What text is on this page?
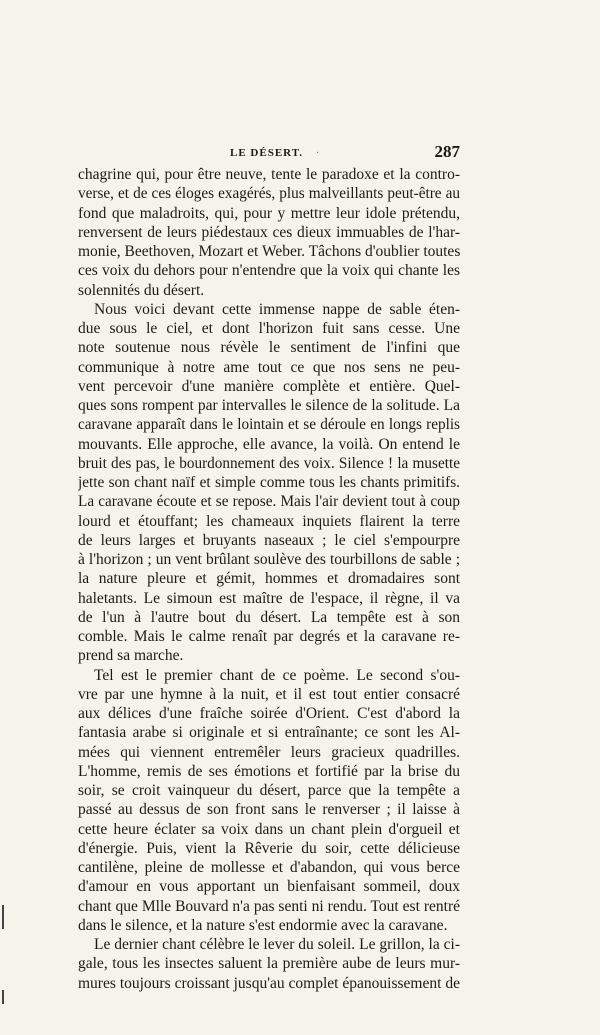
LE DÉSERT. ·	287
chagrine qui, pour être neuve, tente le paradoxe et la contro-
verse, et de ces éloges exagérés, plus malveillants peut-être au
fond que maladroits, qui, pour y mettre leur idole prétendu,
renversent de leurs piédestaux ces dieux immuables de l'har-
monie, Beethoven, Mozart et Weber. Tâchons d'oublier toutes
ces voix du dehors pour n'entendre que la voix qui chante les
solennités du désert.
Nous voici devant cette immense nappe de sable éten-
due sous le ciel, et dont l'horizon fuit sans cesse. Une
note soutenue nous révèle le sentiment de l'infini que
communique à notre ame tout ce que nos sens ne peu-
vent percevoir d'une manière complète et entière. Quel-
ques sons rompent par intervalles le silence de la solitude. La
caravane apparaît dans le lointain et se déroule en longs replis
mouvants. Elle approche, elle avance, la voilà. On entend le
bruit des pas, le bourdonnement des voix. Silence ! la musette
jette son chant naïf et simple comme tous les chants primitifs.
La caravane écoute et se repose. Mais l'air devient tout à coup
lourd et étouffant; les chameaux inquiets flairent la terre
de leurs larges et bruyants naseaux ; le ciel s'empourpre
à l'horizon ; un vent brûlant soulève des tourbillons de sable ;
la nature pleure et gémit, hommes et dromadaires sont
haletants. Le simoun est maître de l'espace, il règne, il va
de l'un à l'autre bout du désert. La tempête est à son
comble. Mais le calme renaît par degrés et la caravane re-
prend sa marche.
Tel est le premier chant de ce poème. Le second s'ou-
vre par une hymne à la nuit, et il est tout entier consacré
aux délices d'une fraîche soirée d'Orient. C'est d'abord la
fantasia arabe si originale et si entraînante; ce sont les Al-
mées qui viennent entremêler leurs gracieux quadrilles.
L'homme, remis de ses émotions et fortifié par la brise du
soir, se croit vainqueur du désert, parce que la tempête a
passé au dessus de son front sans le renverser ; il laisse à
cette heure éclater sa voix dans un chant plein d'orgueil et
d'énergie. Puis, vient la Rêverie du soir, cette délicieuse
cantilène, pleine de mollesse et d'abandon, qui vous berce
d'amour en vous apportant un bienfaisant sommeil, doux
chant que Mlle Bouvard n'a pas senti ni rendu. Tout est rentré
dans le silence, et la nature s'est endormie avec la caravane.
Le dernier chant célèbre le lever du soleil. Le grillon, la ci-
gale, tous les insectes saluent la première aube de leurs mur-
mures toujours croissant jusqu'au complet épanouissement de
